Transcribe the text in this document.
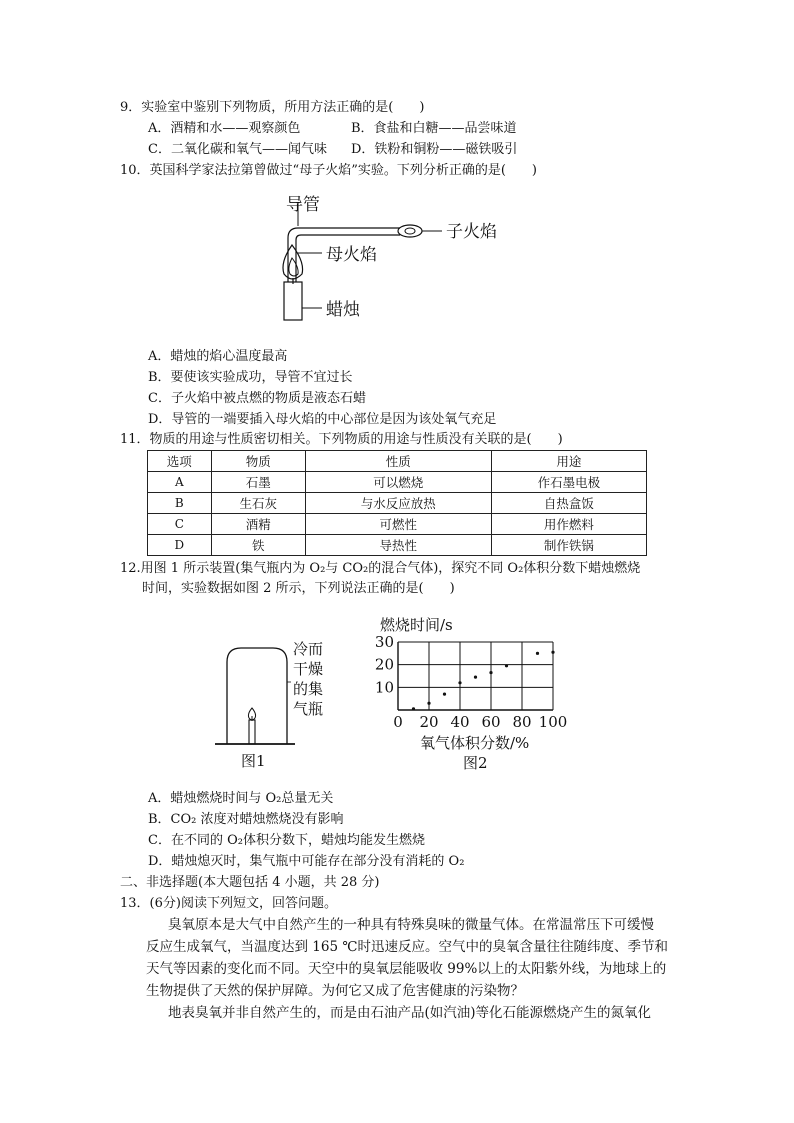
9．实验室中鉴别下列物质，所用方法正确的是(　　)
A．酒精和水——观察颜色	B．食盐和白糖——品尝味道
C．二氧化碳和氧气——闻气味 D．铁粉和铜粉——磁铁吸引
10．英国科学家法拉第曾做过“母子火焰”实验。下列分析正确的是(　　)
导管
子火焰
母火焰
蜡烛
A．蜡烛的焰心温度最高
B．要使该实验成功，导管不宜过长
C．子火焰中被点燃的物质是液态石蜡
D．导管的一端要插入母火焰的中心部位是因为该处氧气充足
11．物质的用途与性质密切相关。下列物质的用途与性质没有关联的是(　　)
选项	物质	性质	用途
A	石墨	可以燃烧	作石墨电极
B	生石灰	与水反应放热	自热盒饭
C	酒精	可燃性	用作燃料
D	铁	导热性	制作铁锅
12.用图 1 所示装置(集气瓶内为 O₂与 CO₂的混合气体)，探究不同 O₂体积分数下蜡烛燃烧
时间，实验数据如图 2 所示，下列说法正确的是(　　)
冷而
干燥
的集
气瓶
图1
燃烧时间/s
10
20
30
0 20 40 60 80 100
氧气体积分数/%
图2
A．蜡烛燃烧时间与 O₂总量无关
B．CO₂ 浓度对蜡烛燃烧没有影响
C．在不同的 O₂体积分数下，蜡烛均能发生燃烧
D．蜡烛熄灭时，集气瓶中可能存在部分没有消耗的 O₂
二、非选择题(本大题包括 4 小题，共 28 分)
13．(6分)阅读下列短文，回答问题。
臭氧原本是大气中自然产生的一种具有特殊臭味的微量气体。在常温常压下可缓慢
反应生成氧气，当温度达到 165 ℃时迅速反应。空气中的臭氧含量往往随纬度、季节和
天气等因素的变化而不同。天空中的臭氧层能吸收 99%以上的太阳紫外线，为地球上的
生物提供了天然的保护屏障。为何它又成了危害健康的污染物？
地表臭氧并非自然产生的，而是由石油产品(如汽油)等化石能源燃烧产生的氮氧化
